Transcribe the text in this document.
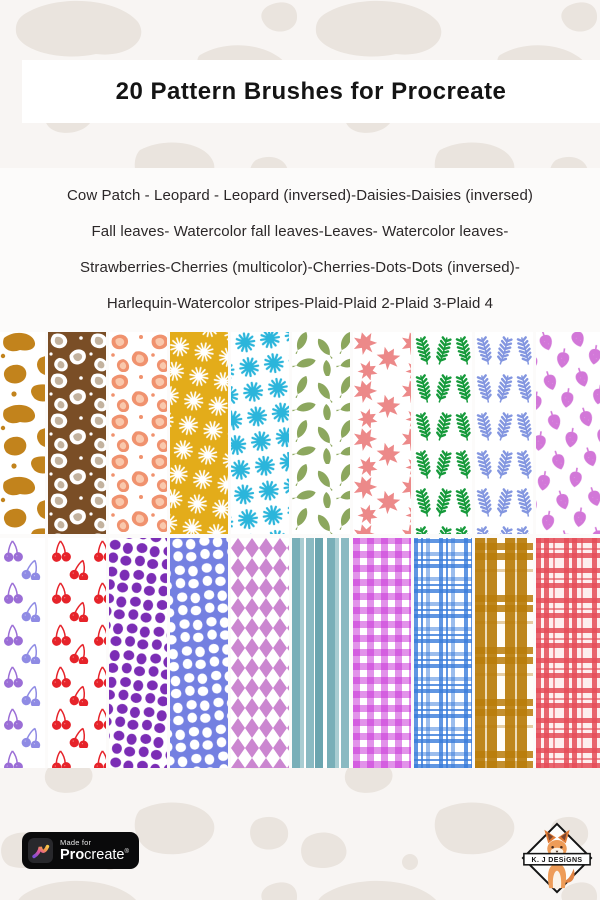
20 Pattern Brushes for Procreate
Cow Patch - Leopard - Leopard (inversed)-Daisies-Daisies (inversed)
Fall leaves- Watercolor fall leaves-Leaves- Watercolor leaves-
Strawberries-Cherries (multicolor)-Cherries-Dots-Dots (inversed)-
Harlequin-Watercolor stripes-Plaid-Plaid 2-Plaid 3-Plaid 4
Made for
Procreate®
K. J DESiGNS
